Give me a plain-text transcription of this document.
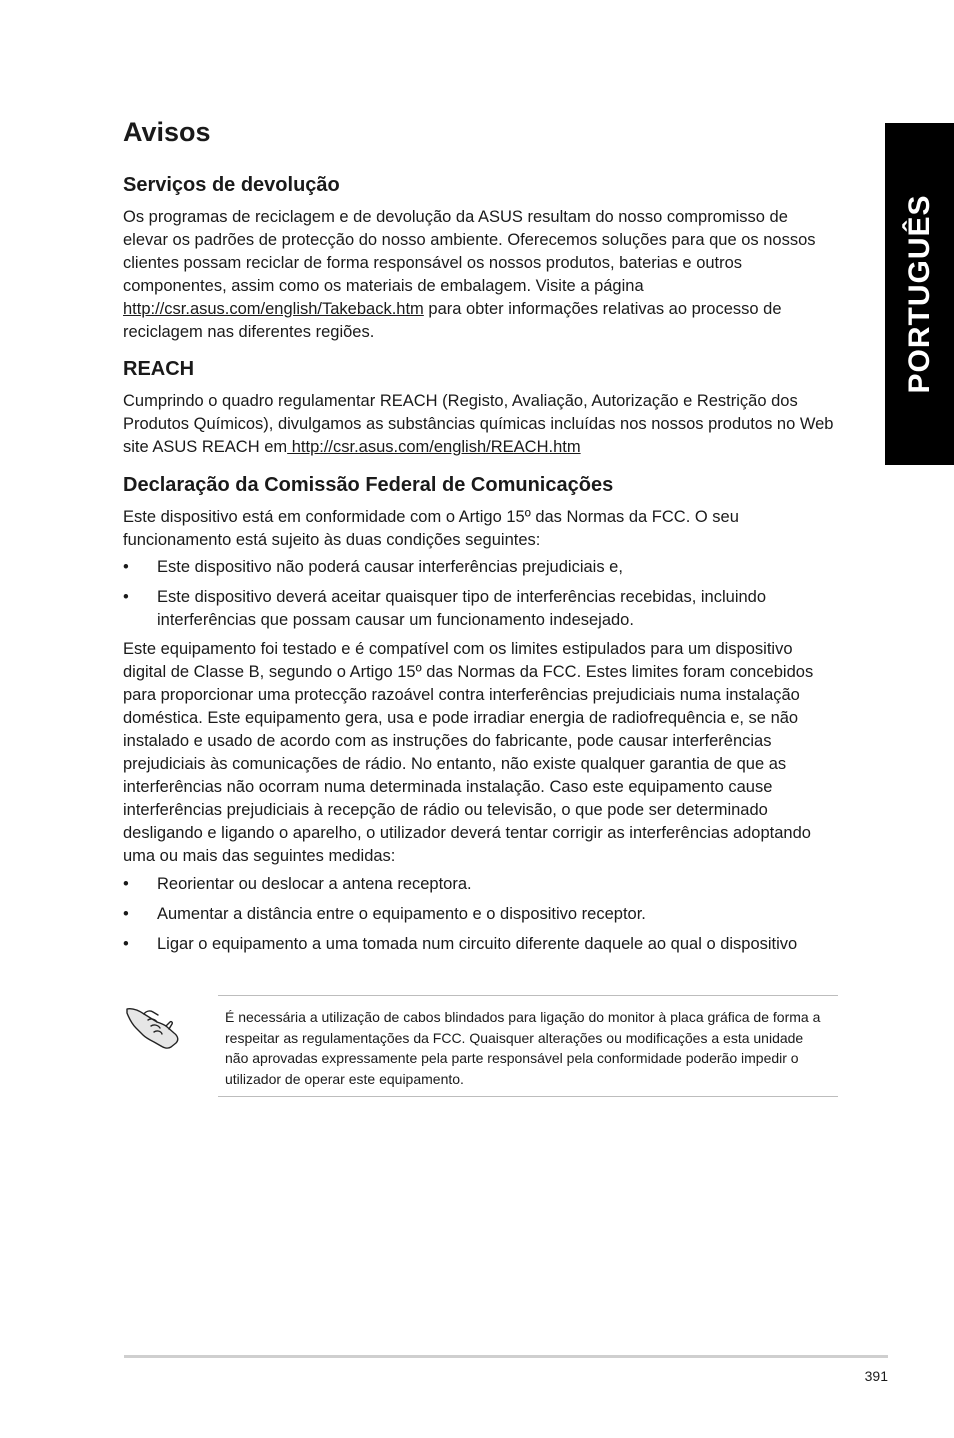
PORTUGUÊS
Avisos
Serviços de devolução

Os programas de reciclagem e de devolução da ASUS resultam do nosso compromisso de elevar os padrões de protecção do nosso ambiente. Oferecemos soluções para que os nossos clientes possam reciclar de forma responsável os nossos produtos, baterias e outros componentes, assim como os materiais de embalagem. Visite a página http://csr.asus.com/english/Takeback.htm para obter informações relativas ao processo de reciclagem nas diferentes regiões.

REACH

Cumprindo o quadro regulamentar REACH (Registo, Avaliação, Autorização e Restrição dos Produtos Químicos), divulgamos as substâncias químicas incluídas nos nossos produtos no Web site ASUS REACH em http://csr.asus.com/english/REACH.htm

Declaração da Comissão Federal de Comunicações

Este dispositivo está em conformidade com o Artigo 15º das Normas da FCC. O seu funcionamento está sujeito às duas condições seguintes:

• Este dispositivo não poderá causar interferências prejudiciais e,
• Este dispositivo deverá aceitar quaisquer tipo de interferências recebidas, incluindo interferências que possam causar um funcionamento indesejado.

Este equipamento foi testado e é compatível com os limites estipulados para um dispositivo digital de Classe B, segundo o Artigo 15º das Normas da FCC. Estes limites foram concebidos para proporcionar uma protecção razoável contra interferências prejudiciais numa instalação doméstica. Este equipamento gera, usa e pode irradiar energia de radiofrequência e, se não instalado e usado de acordo com as instruções do fabricante, pode causar interferências prejudiciais às comunicações de rádio. No entanto, não existe qualquer garantia de que as interferências não ocorram numa determinada instalação. Caso este equipamento cause interferências prejudiciais à recepção de rádio ou televisão, o que pode ser determinado desligando e ligando o aparelho, o utilizador deverá tentar corrigir as interferências adoptando uma ou mais das seguintes medidas:

• Reorientar ou deslocar a antena receptora.
• Aumentar a distância entre o equipamento e o dispositivo receptor.
• Ligar o equipamento a uma tomada num circuito diferente daquele ao qual o dispositivo

É necessária a utilização de cabos blindados para ligação do monitor à placa gráfica de forma a respeitar as regulamentações da FCC. Quaisquer alterações ou modificações a esta unidade não aprovadas expressamente pela parte responsável pela conformidade poderão impedir o utilizador de operar este equipamento.

391
